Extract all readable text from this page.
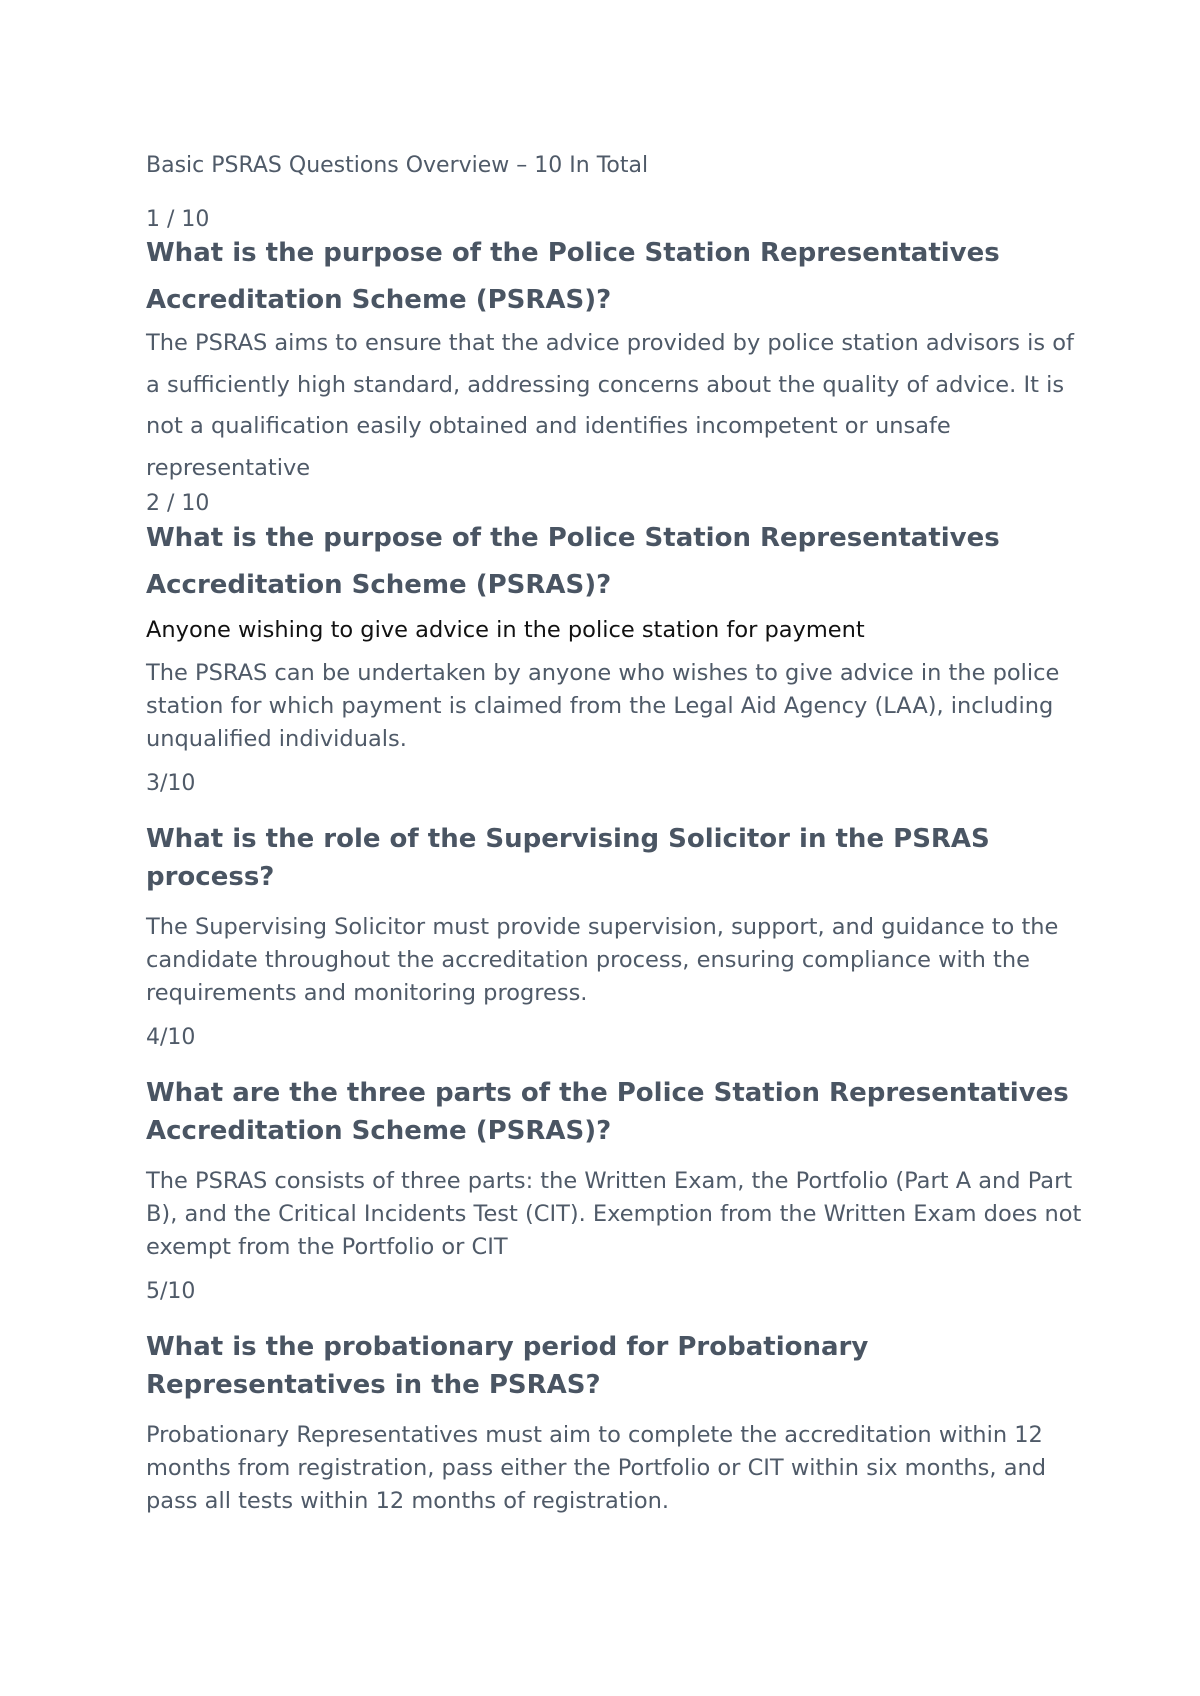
Basic PSRAS Questions Overview – 10 In Total

1 / 10

What is the purpose of the Police Station Representatives Accreditation Scheme (PSRAS)?

The PSRAS aims to ensure that the advice provided by police station advisors is of a sufficiently high standard, addressing concerns about the quality of advice. It is not a qualification easily obtained and identifies incompetent or unsafe representative

2 / 10

What is the purpose of the Police Station Representatives Accreditation Scheme (PSRAS)?

Anyone wishing to give advice in the police station for payment

The PSRAS can be undertaken by anyone who wishes to give advice in the police station for which payment is claimed from the Legal Aid Agency (LAA), including unqualified individuals.

3/10

What is the role of the Supervising Solicitor in the PSRAS process?

The Supervising Solicitor must provide supervision, support, and guidance to the candidate throughout the accreditation process, ensuring compliance with the requirements and monitoring progress.

4/10

What are the three parts of the Police Station Representatives Accreditation Scheme (PSRAS)?

The PSRAS consists of three parts: the Written Exam, the Portfolio (Part A and Part B), and the Critical Incidents Test (CIT). Exemption from the Written Exam does not exempt from the Portfolio or CIT

5/10

What is the probationary period for Probationary Representatives in the PSRAS?

Probationary Representatives must aim to complete the accreditation within 12 months from registration, pass either the Portfolio or CIT within six months, and pass all tests within 12 months of registration.
